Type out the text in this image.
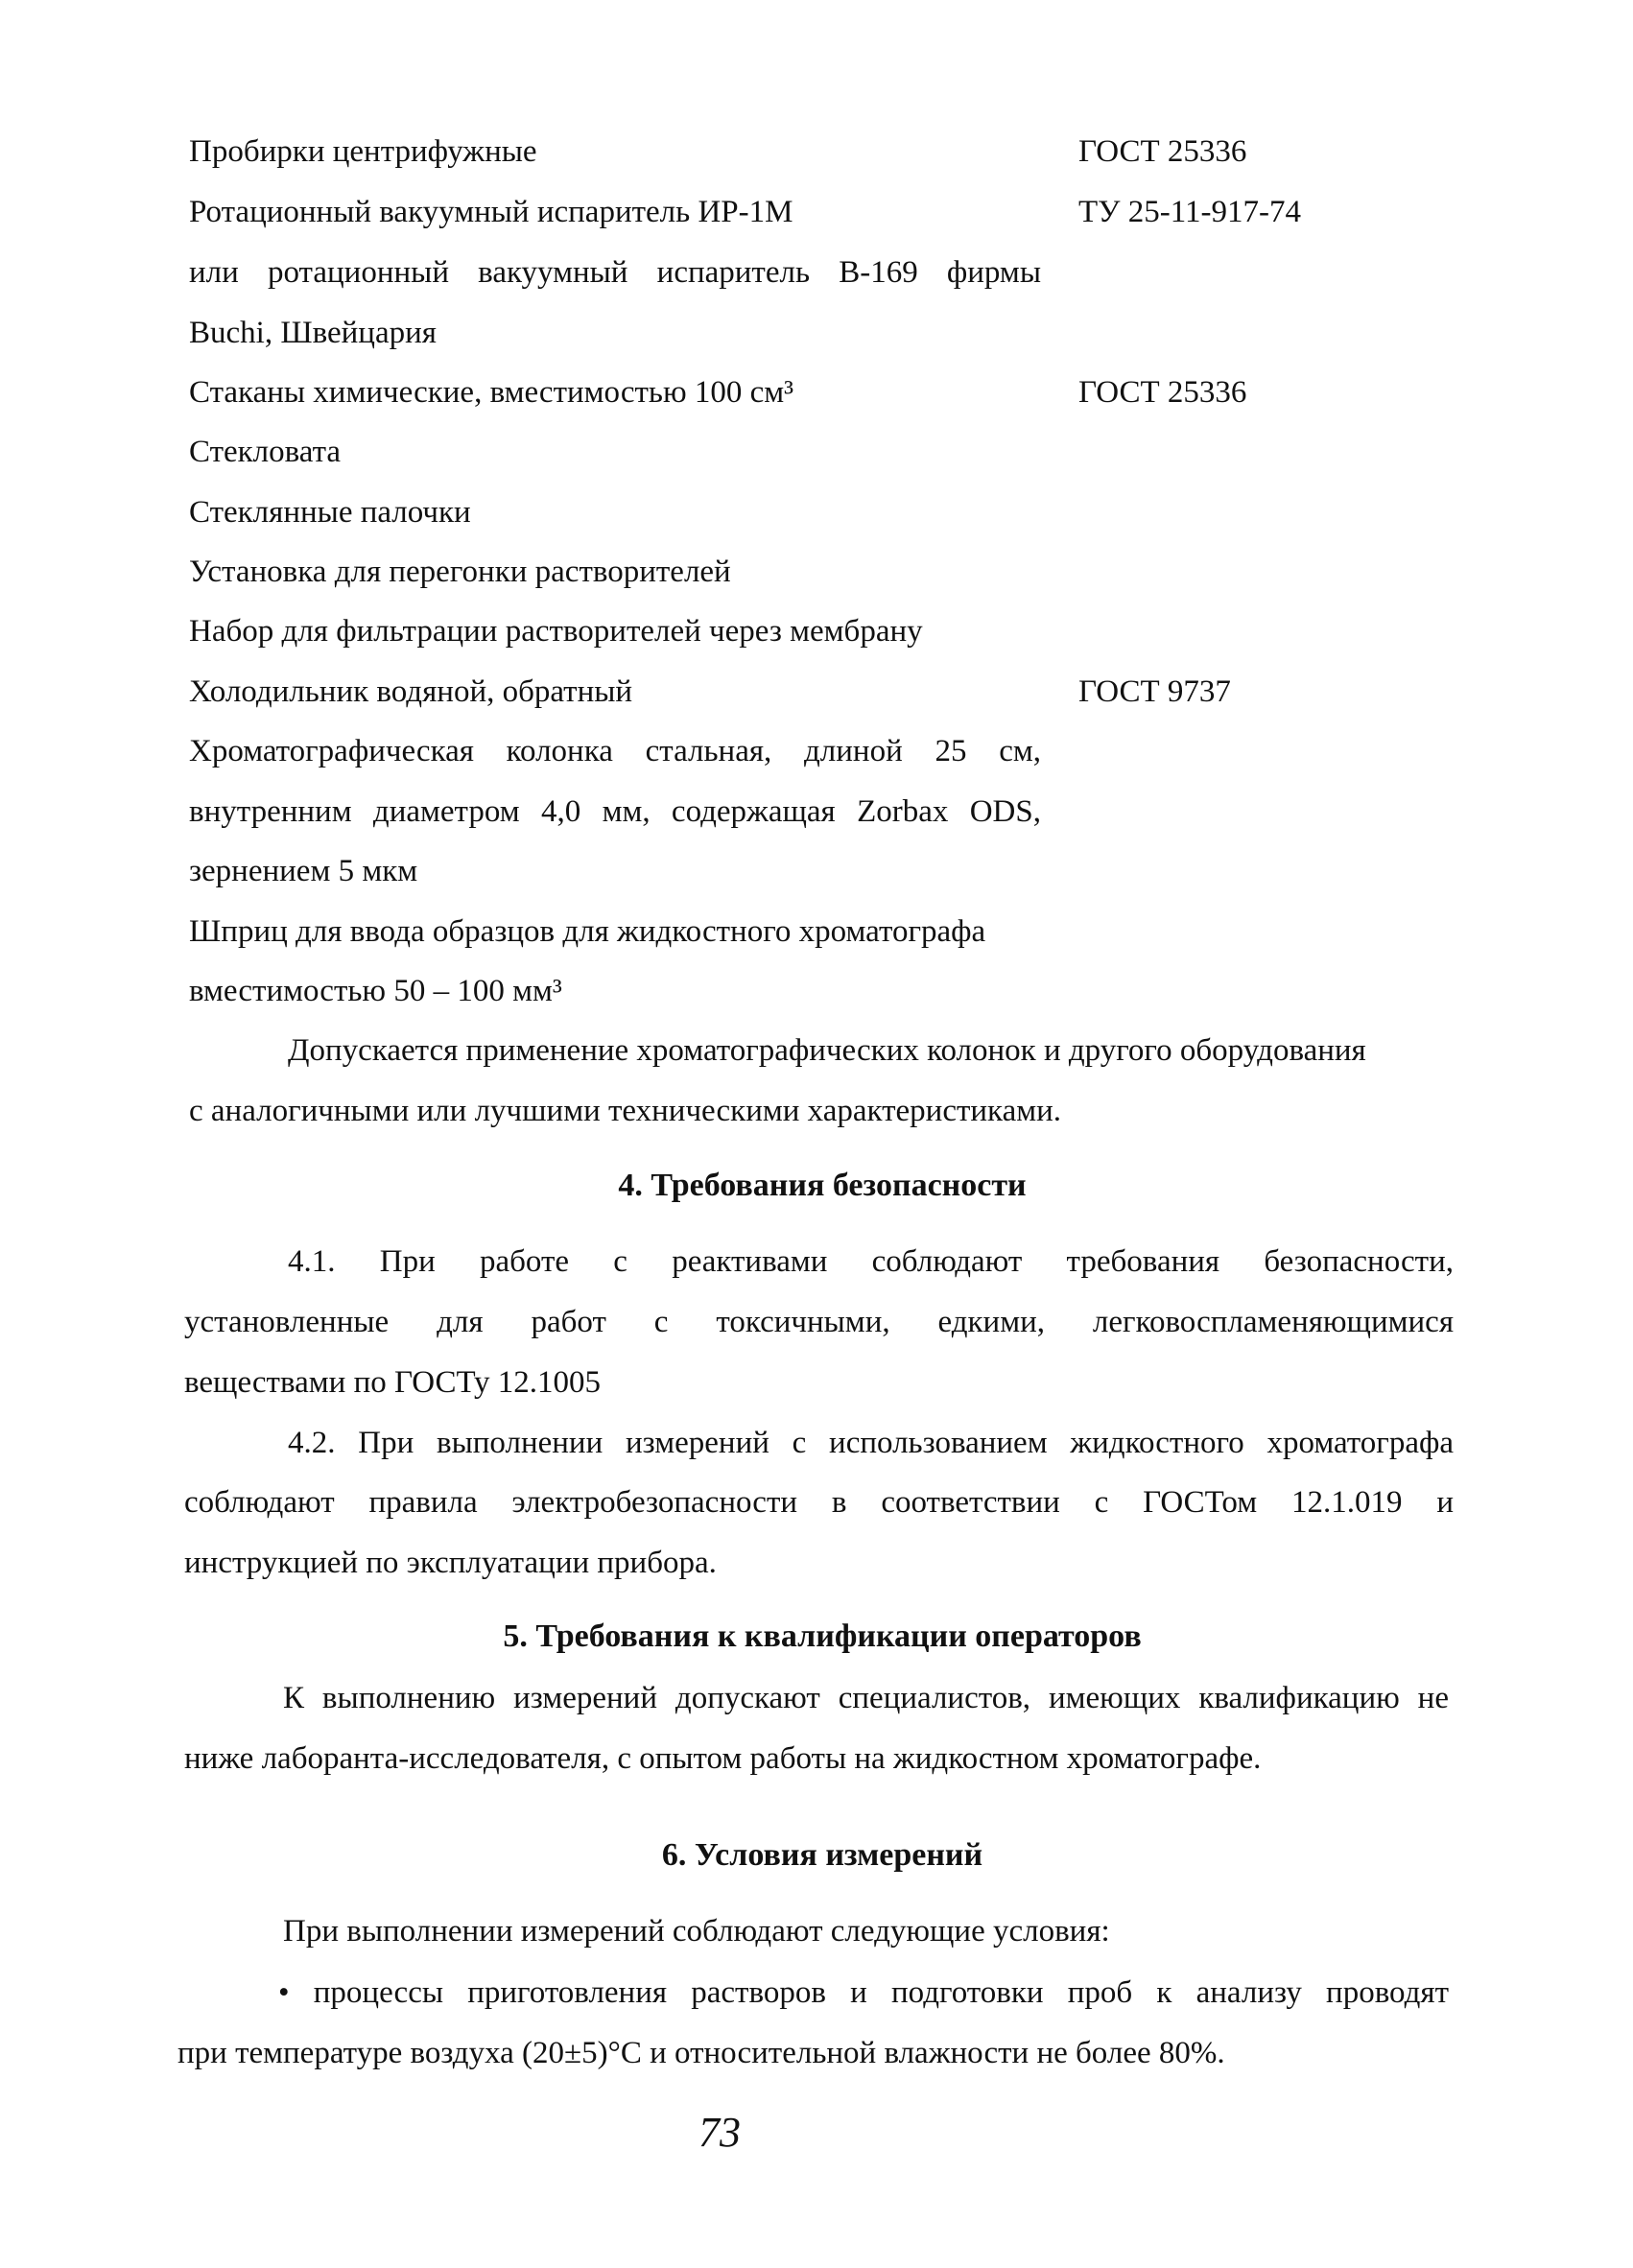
Пробирки центрифужные	ГОСТ 25336
Ротационный вакуумный испаритель ИР-1М	ТУ 25-11-917-74
или ротационный вакуумный испаритель В-169 фирмы
Buchi, Швейцария
Стаканы химические, вместимостью 100 см³	ГОСТ 25336
Стекловата
Стеклянные палочки
Установка для перегонки растворителей
Набор для фильтрации растворителей через мембрану
Холодильник водяной, обратный	ГОСТ 9737
Хроматографическая колонка стальная, длиной 25 см,
внутренним диаметром 4,0 мм, содержащая Zorbax ODS,
зернением 5 мкм
Шприц для ввода образцов для жидкостного хроматографа
вместимостью 50 – 100 мм³
Допускается применение хроматографических колонок и другого оборудования
с аналогичными или лучшими техническими характеристиками.
4. Требования безопасности
4.1. При работе с реактивами соблюдают требования безопасности,
установленные для работ с токсичными, едкими, легковоспламеняющимися
веществами по ГОСТу 12.1005
4.2. При выполнении измерений с использованием жидкостного хроматографа
соблюдают правила электробезопасности в соответствии с ГОСТом 12.1.019 и
инструкцией по эксплуатации прибора.
5. Требования к квалификации операторов
К выполнению измерений допускают специалистов, имеющих квалификацию не
ниже лаборанта-исследователя, с опытом работы на жидкостном хроматографе.
6. Условия измерений
При выполнении измерений соблюдают следующие условия:
• процессы приготовления растворов и подготовки проб к анализу проводят
при температуре воздуха (20±5)°С и относительной влажности не более 80%.
73
